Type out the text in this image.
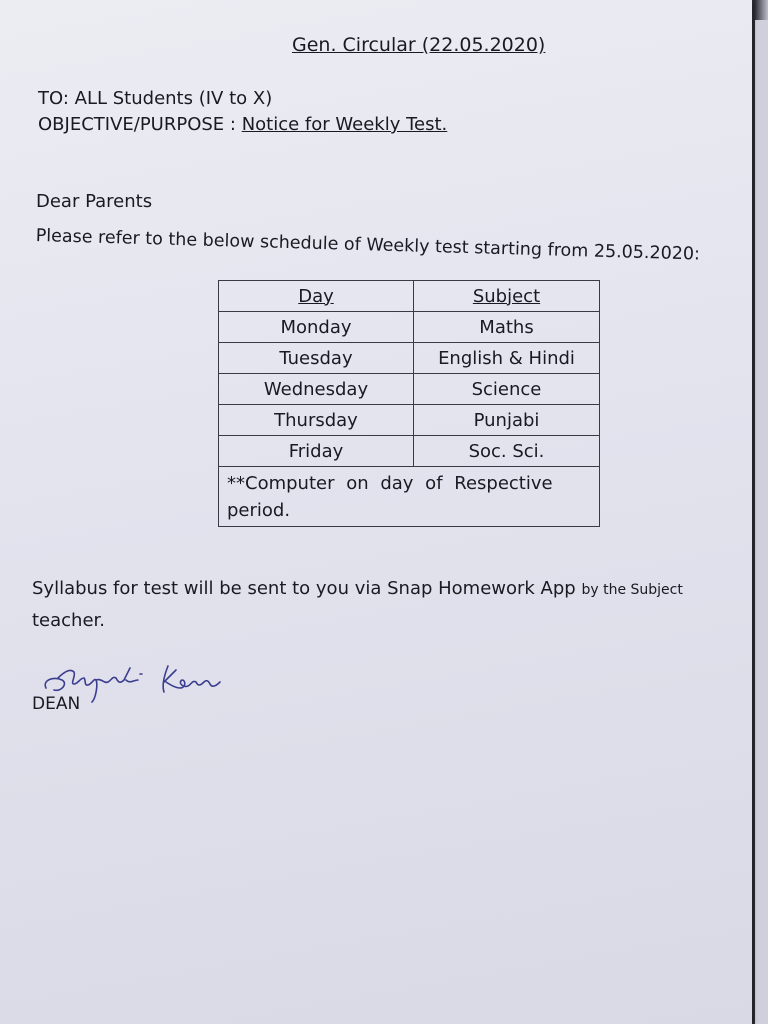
Gen. Circular (22.05.2020)
TO: ALL Students (IV to X)
OBJECTIVE/PURPOSE : Notice for Weekly Test.
Dear Parents
Please refer to the below schedule of Weekly test starting from 25.05.2020:
Day	Subject
Monday	Maths
Tuesday	English & Hindi
Wednesday	Science
Thursday	Punjabi
Friday	Soc. Sci.
**Computer on day of Respective period.	
Syllabus for test will be sent to you via Snap Homework App by the Subject
teacher.
DEAN
